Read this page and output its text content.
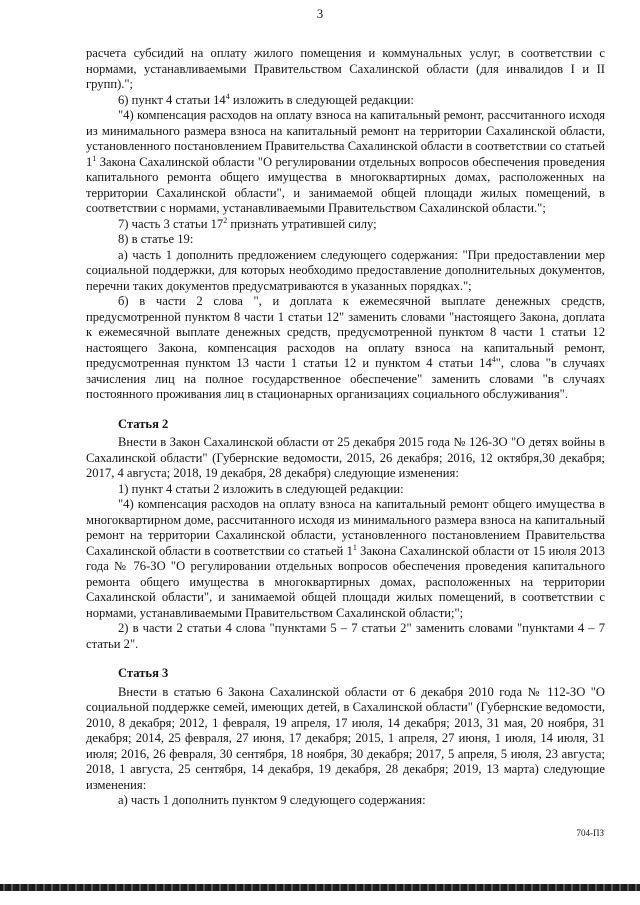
3

расчета субсидий на оплату жилого помещения и коммунальных услуг, в соответствии с нормами, устанавливаемыми Правительством Сахалинской области (для инвалидов I и II групп).";

6) пункт 4 статьи $14^4$ изложить в следующей редакции:

"4) компенсация расходов на оплату взноса на капитальный ремонт, рассчитанного исходя из минимального размера взноса на капитальный ремонт на территории Сахалинской области, установленного постановлением Правительства Сахалинской области в соответствии со статьей $1^1$ Закона Сахалинской области "О регулировании отдельных вопросов обеспечения проведения капитального ремонта общего имущества в многоквартирных домах, расположенных на территории Сахалинской области", и занимаемой общей площади жилых помещений, в соответствии с нормами, устанавливаемыми Правительством Сахалинской области.";

7) часть 3 статьи $17^2$ признать утратившей силу;

8) в статье 19:

а) часть 1 дополнить предложением следующего содержания: "При предоставлении мер социальной поддержки, для которых необходимо предоставление дополнительных документов, перечни таких документов предусматриваются в указанных порядках.";

б) в части 2 слова ", и доплата к ежемесячной выплате денежных средств, предусмотренной пунктом 8 части 1 статьи 12" заменить словами "настоящего Закона, доплата к ежемесячной выплате денежных средств, предусмотренной пунктом 8 части 1 статьи 12 настоящего Закона, компенсация расходов на оплату взноса на капитальный ремонт, предусмотренная пунктом 13 части 1 статьи 12 и пунктом 4 статьи $14^4$", слова "в случаях зачисления лиц на полное государственное обеспечение" заменить словами "в случаях постоянного проживания лиц в стационарных организациях социального обслуживания".

Статья 2

Внести в Закон Сахалинской области от 25 декабря 2015 года № 126-ЗО "О детях войны в Сахалинской области" (Губернские ведомости, 2015, 26 декабря; 2016, 12 октября,30 декабря; 2017, 4 августа; 2018, 19 декабря, 28 декабря) следующие изменения:

1) пункт 4 статьи 2 изложить в следующей редакции:

"4) компенсация расходов на оплату взноса на капитальный ремонт общего имущества в многоквартирном доме, рассчитанного исходя из минимального размера взноса на капитальный ремонт на территории Сахалинской области, установленного постановлением Правительства Сахалинской области в соответствии со статьей $1^1$ Закона Сахалинской области от 15 июля 2013 года № 76-ЗО "О регулировании отдельных вопросов обеспечения проведения капитального ремонта общего имущества в многоквартирных домах, расположенных на территории Сахалинской области", и занимаемой общей площади жилых помещений, в соответствии с нормами, устанавливаемыми Правительством Сахалинской области;";

2) в части 2 статьи 4 слова "пунктами 5 – 7 статьи 2" заменить словами "пунктами 4 – 7 статьи 2".

Статья 3

Внести в статью 6 Закона Сахалинской области от 6 декабря 2010 года № 112-ЗО "О социальной поддержке семей, имеющих детей, в Сахалинской области" (Губернские ведомости, 2010, 8 декабря; 2012, 1 февраля, 19 апреля, 17 июля, 14 декабря; 2013, 31 мая, 20 ноября, 31 декабря; 2014, 25 февраля, 27 июня, 17 декабря; 2015, 1 апреля, 27 июня, 1 июля, 14 июля, 31 июля; 2016, 26 февраля, 30 сентября, 18 ноября, 30 декабря; 2017, 5 апреля, 5 июля, 23 августа; 2018, 1 августа, 25 сентября, 14 декабря, 19 декабря, 28 декабря; 2019, 13 марта) следующие изменения:

а) часть 1 дополнить пунктом 9 следующего содержания:

704-ПЗ
